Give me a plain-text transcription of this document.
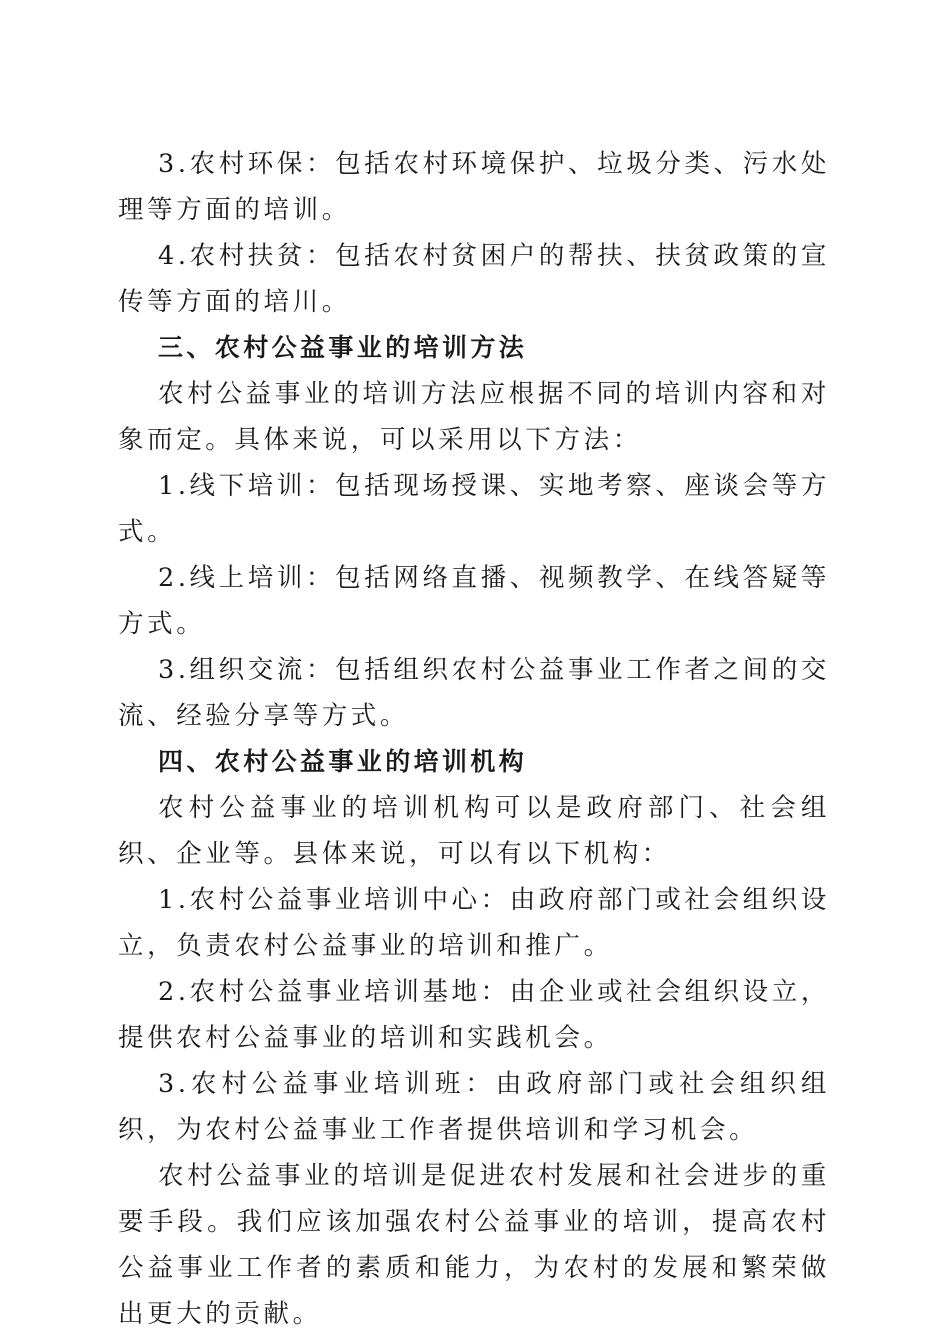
3.农村环保：包括农村环境保护、垃圾分类、污水处理等方面的培训。

4.农村扶贫：包括农村贫困户的帮扶、扶贫政策的宣传等方面的培川。

三、农村公益事业的培训方法

农村公益事业的培训方法应根据不同的培训内容和对象而定。具体来说，可以采用以下方法：

1.线下培训：包括现场授课、实地考察、座谈会等方式。

2.线上培训：包括网络直播、视频教学、在线答疑等方式。

3.组织交流：包括组织农村公益事业工作者之间的交流、经验分享等方式。

四、农村公益事业的培训机构

农村公益事业的培训机构可以是政府部门、社会组织、企业等。县体来说，可以有以下机构：

1.农村公益事业培训中心：由政府部门或社会组织设立，负责农村公益事业的培训和推广。

2.农村公益事业培训基地：由企业或社会组织设立，提供农村公益事业的培训和实践机会。

3.农村公益事业培训班：由政府部门或社会组织组织，为农村公益事业工作者提供培训和学习机会。

农村公益事业的培训是促进农村发展和社会进步的重要手段。我们应该加强农村公益事业的培训，提高农村公益事业工作者的素质和能力，为农村的发展和繁荣做出更大的贡献。
